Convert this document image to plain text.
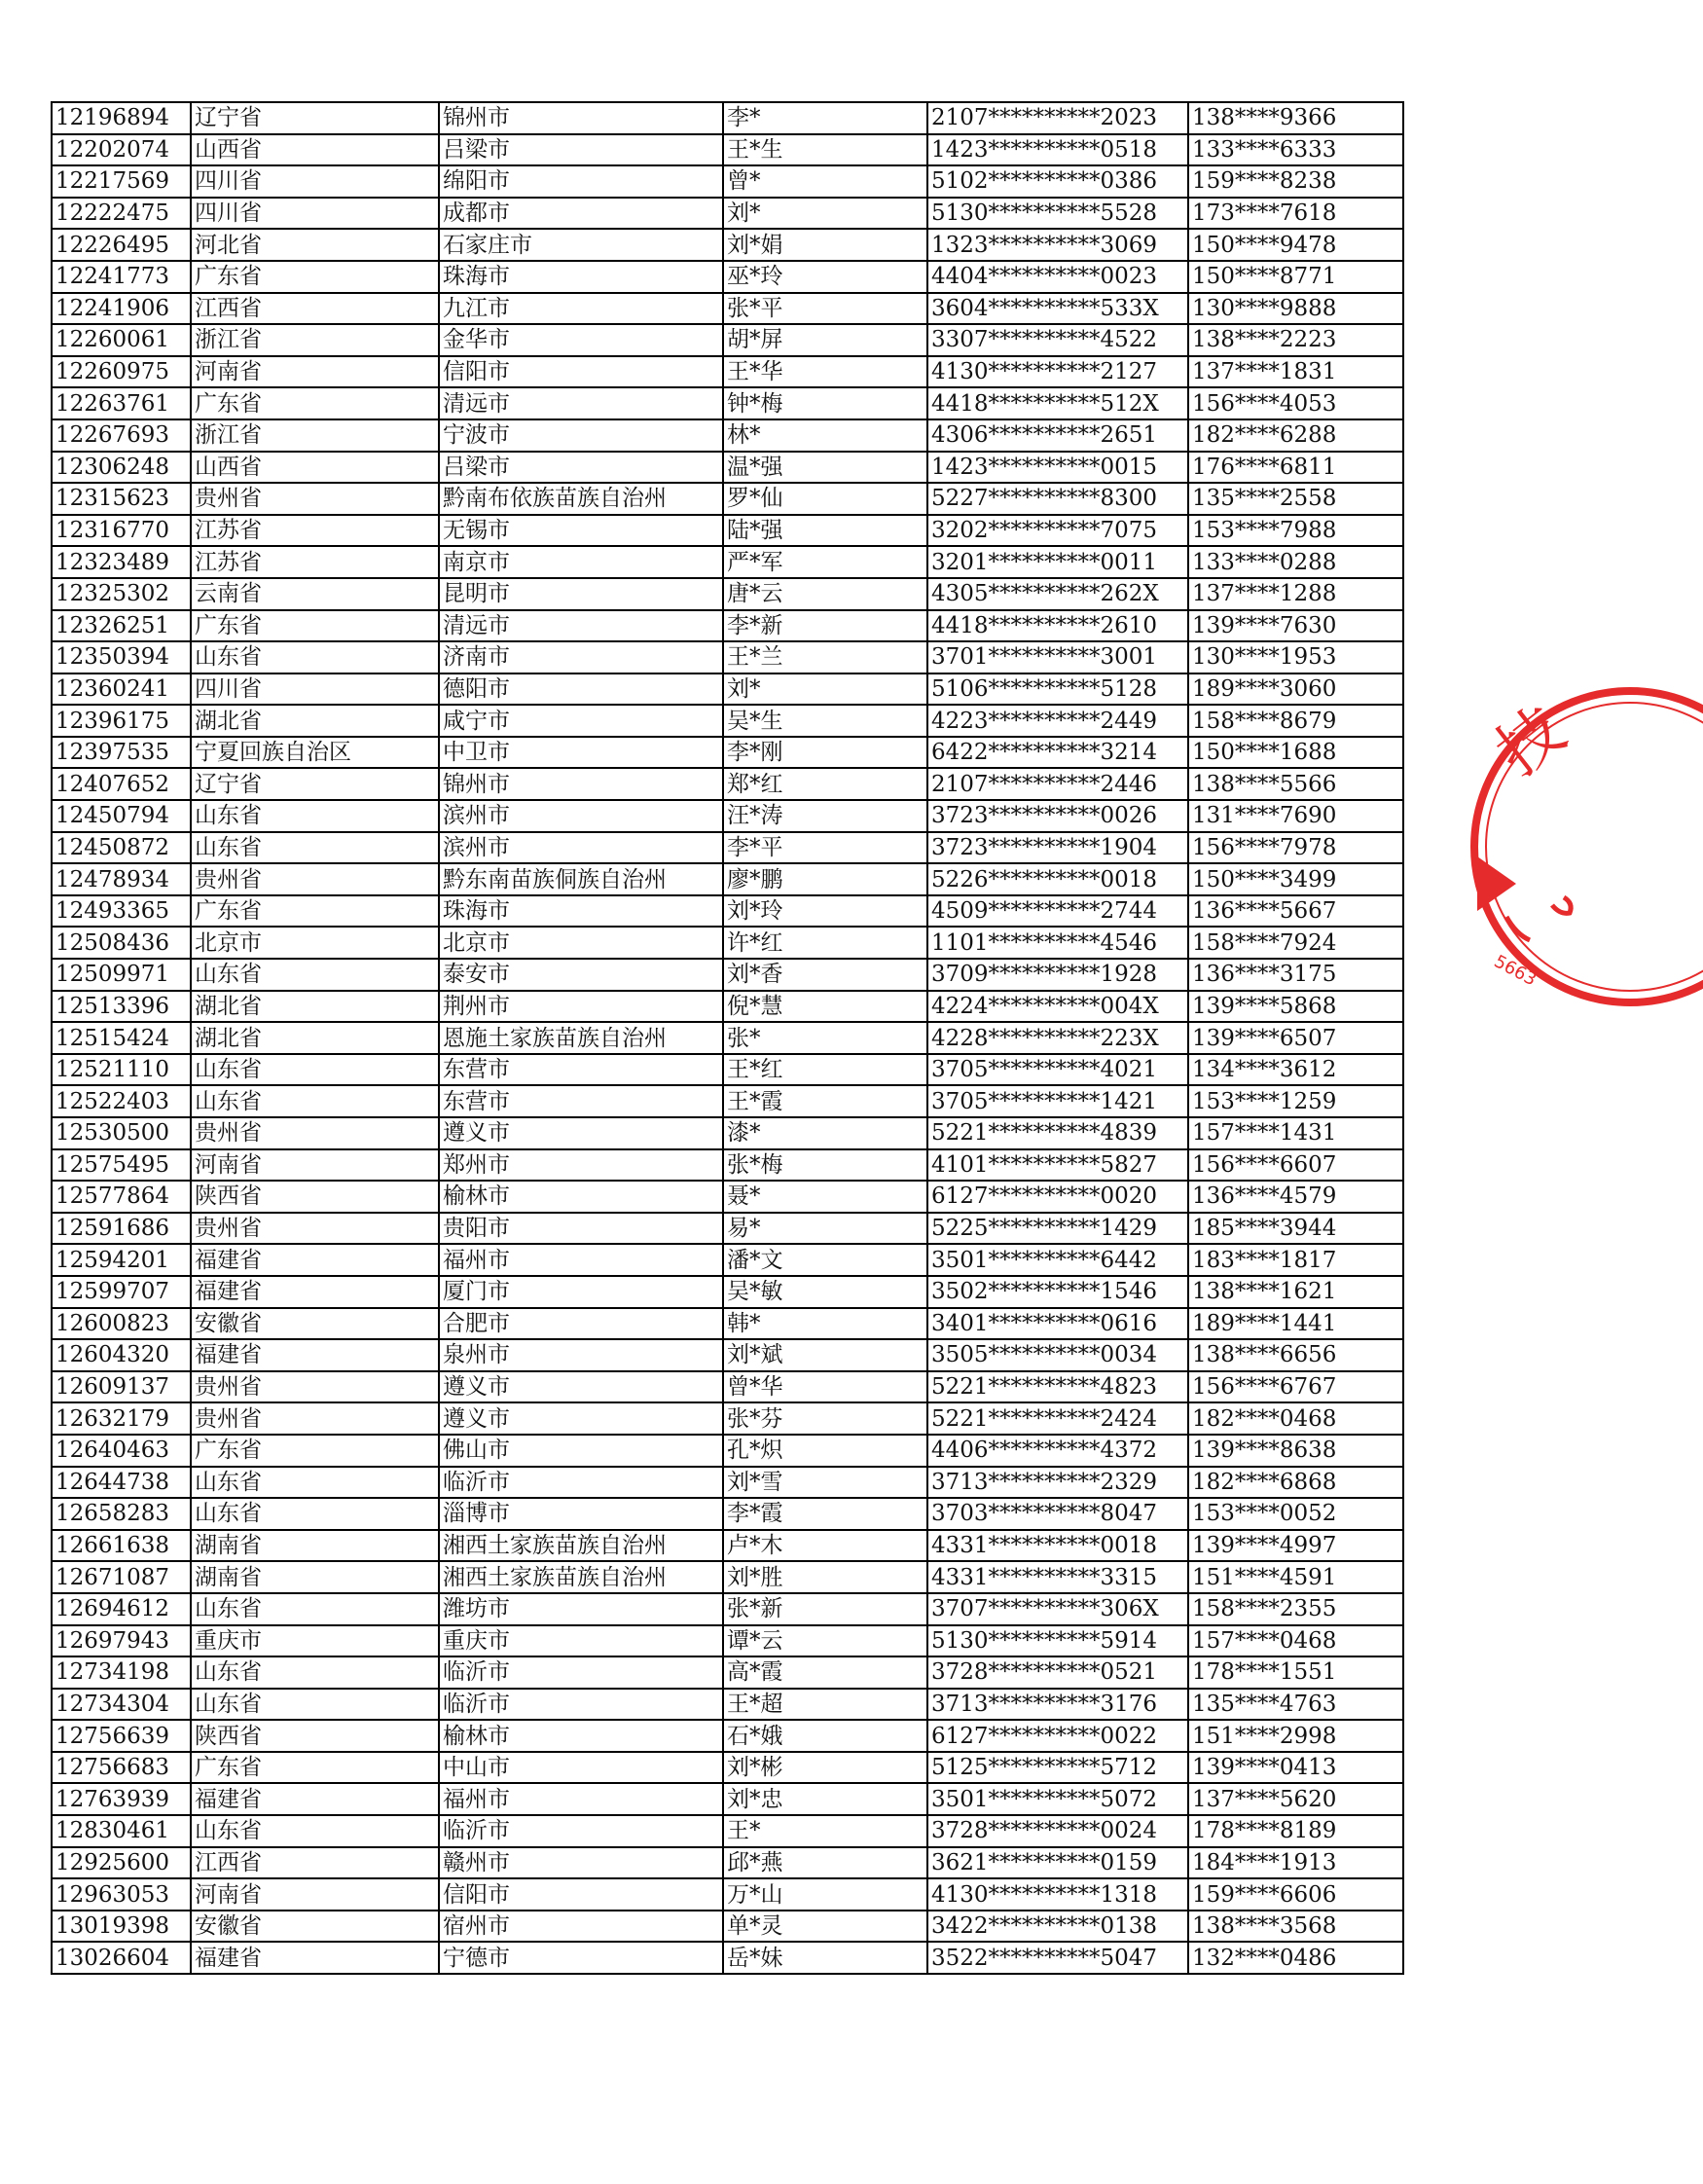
12196894	辽宁省	锦州市	李*	2107**********2023	138****9366
12202074	山西省	吕梁市	王*生	1423**********0518	133****6333
12217569	四川省	绵阳市	曾*	5102**********0386	159****8238
12222475	四川省	成都市	刘*	5130**********5528	173****7618
12226495	河北省	石家庄市	刘*娟	1323**********3069	150****9478
12241773	广东省	珠海市	巫*玲	4404**********0023	150****8771
12241906	江西省	九江市	张*平	3604**********533X	130****9888
12260061	浙江省	金华市	胡*屏	3307**********4522	138****2223
12260975	河南省	信阳市	王*华	4130**********2127	137****1831
12263761	广东省	清远市	钟*梅	4418**********512X	156****4053
12267693	浙江省	宁波市	林*	4306**********2651	182****6288
12306248	山西省	吕梁市	温*强	1423**********0015	176****6811
12315623	贵州省	黔南布依族苗族自治州	罗*仙	5227**********8300	135****2558
12316770	江苏省	无锡市	陆*强	3202**********7075	153****7988
12323489	江苏省	南京市	严*军	3201**********0011	133****0288
12325302	云南省	昆明市	唐*云	4305**********262X	137****1288
12326251	广东省	清远市	李*新	4418**********2610	139****7630
12350394	山东省	济南市	王*兰	3701**********3001	130****1953
12360241	四川省	德阳市	刘*	5106**********5128	189****3060
12396175	湖北省	咸宁市	吴*生	4223**********2449	158****8679
12397535	宁夏回族自治区	中卫市	李*刚	6422**********3214	150****1688
12407652	辽宁省	锦州市	郑*红	2107**********2446	138****5566
12450794	山东省	滨州市	汪*涛	3723**********0026	131****7690
12450872	山东省	滨州市	李*平	3723**********1904	156****7978
12478934	贵州省	黔东南苗族侗族自治州	廖*鹏	5226**********0018	150****3499
12493365	广东省	珠海市	刘*玲	4509**********2744	136****5667
12508436	北京市	北京市	许*红	1101**********4546	158****7924
12509971	山东省	泰安市	刘*香	3709**********1928	136****3175
12513396	湖北省	荆州市	倪*慧	4224**********004X	139****5868
12515424	湖北省	恩施土家族苗族自治州	张*	4228**********223X	139****6507
12521110	山东省	东营市	王*红	3705**********4021	134****3612
12522403	山东省	东营市	王*霞	3705**********1421	153****1259
12530500	贵州省	遵义市	漆*	5221**********4839	157****1431
12575495	河南省	郑州市	张*梅	4101**********5827	156****6607
12577864	陕西省	榆林市	聂*	6127**********0020	136****4579
12591686	贵州省	贵阳市	易*	5225**********1429	185****3944
12594201	福建省	福州市	潘*文	3501**********6442	183****1817
12599707	福建省	厦门市	吴*敏	3502**********1546	138****1621
12600823	安徽省	合肥市	韩*	3401**********0616	189****1441
12604320	福建省	泉州市	刘*斌	3505**********0034	138****6656
12609137	贵州省	遵义市	曾*华	5221**********4823	156****6767
12632179	贵州省	遵义市	张*芬	5221**********2424	182****0468
12640463	广东省	佛山市	孔*炽	4406**********4372	139****8638
12644738	山东省	临沂市	刘*雪	3713**********2329	182****6868
12658283	山东省	淄博市	李*霞	3703**********8047	153****0052
12661638	湖南省	湘西土家族苗族自治州	卢*木	4331**********0018	139****4997
12671087	湖南省	湘西土家族苗族自治州	刘*胜	4331**********3315	151****4591
12694612	山东省	潍坊市	张*新	3707**********306X	158****2355
12697943	重庆市	重庆市	谭*云	5130**********5914	157****0468
12734198	山东省	临沂市	高*霞	3728**********0521	178****1551
12734304	山东省	临沂市	王*超	3713**********3176	135****4763
12756639	陕西省	榆林市	石*娥	6127**********0022	151****2998
12756683	广东省	中山市	刘*彬	5125**********5712	139****0413
12763939	福建省	福州市	刘*忠	3501**********5072	137****5620
12830461	山东省	临沂市	王*	3728**********0024	178****8189
12925600	江西省	赣州市	邱*燕	3621**********0159	184****1913
12963053	河南省	信阳市	万*山	4130**********1318	159****6606
13019398	安徽省	宿州市	单*灵	3422**********0138	138****3568
13026604	福建省	宁德市	岳*妹	3522**********5047	132****0486
技
5663
